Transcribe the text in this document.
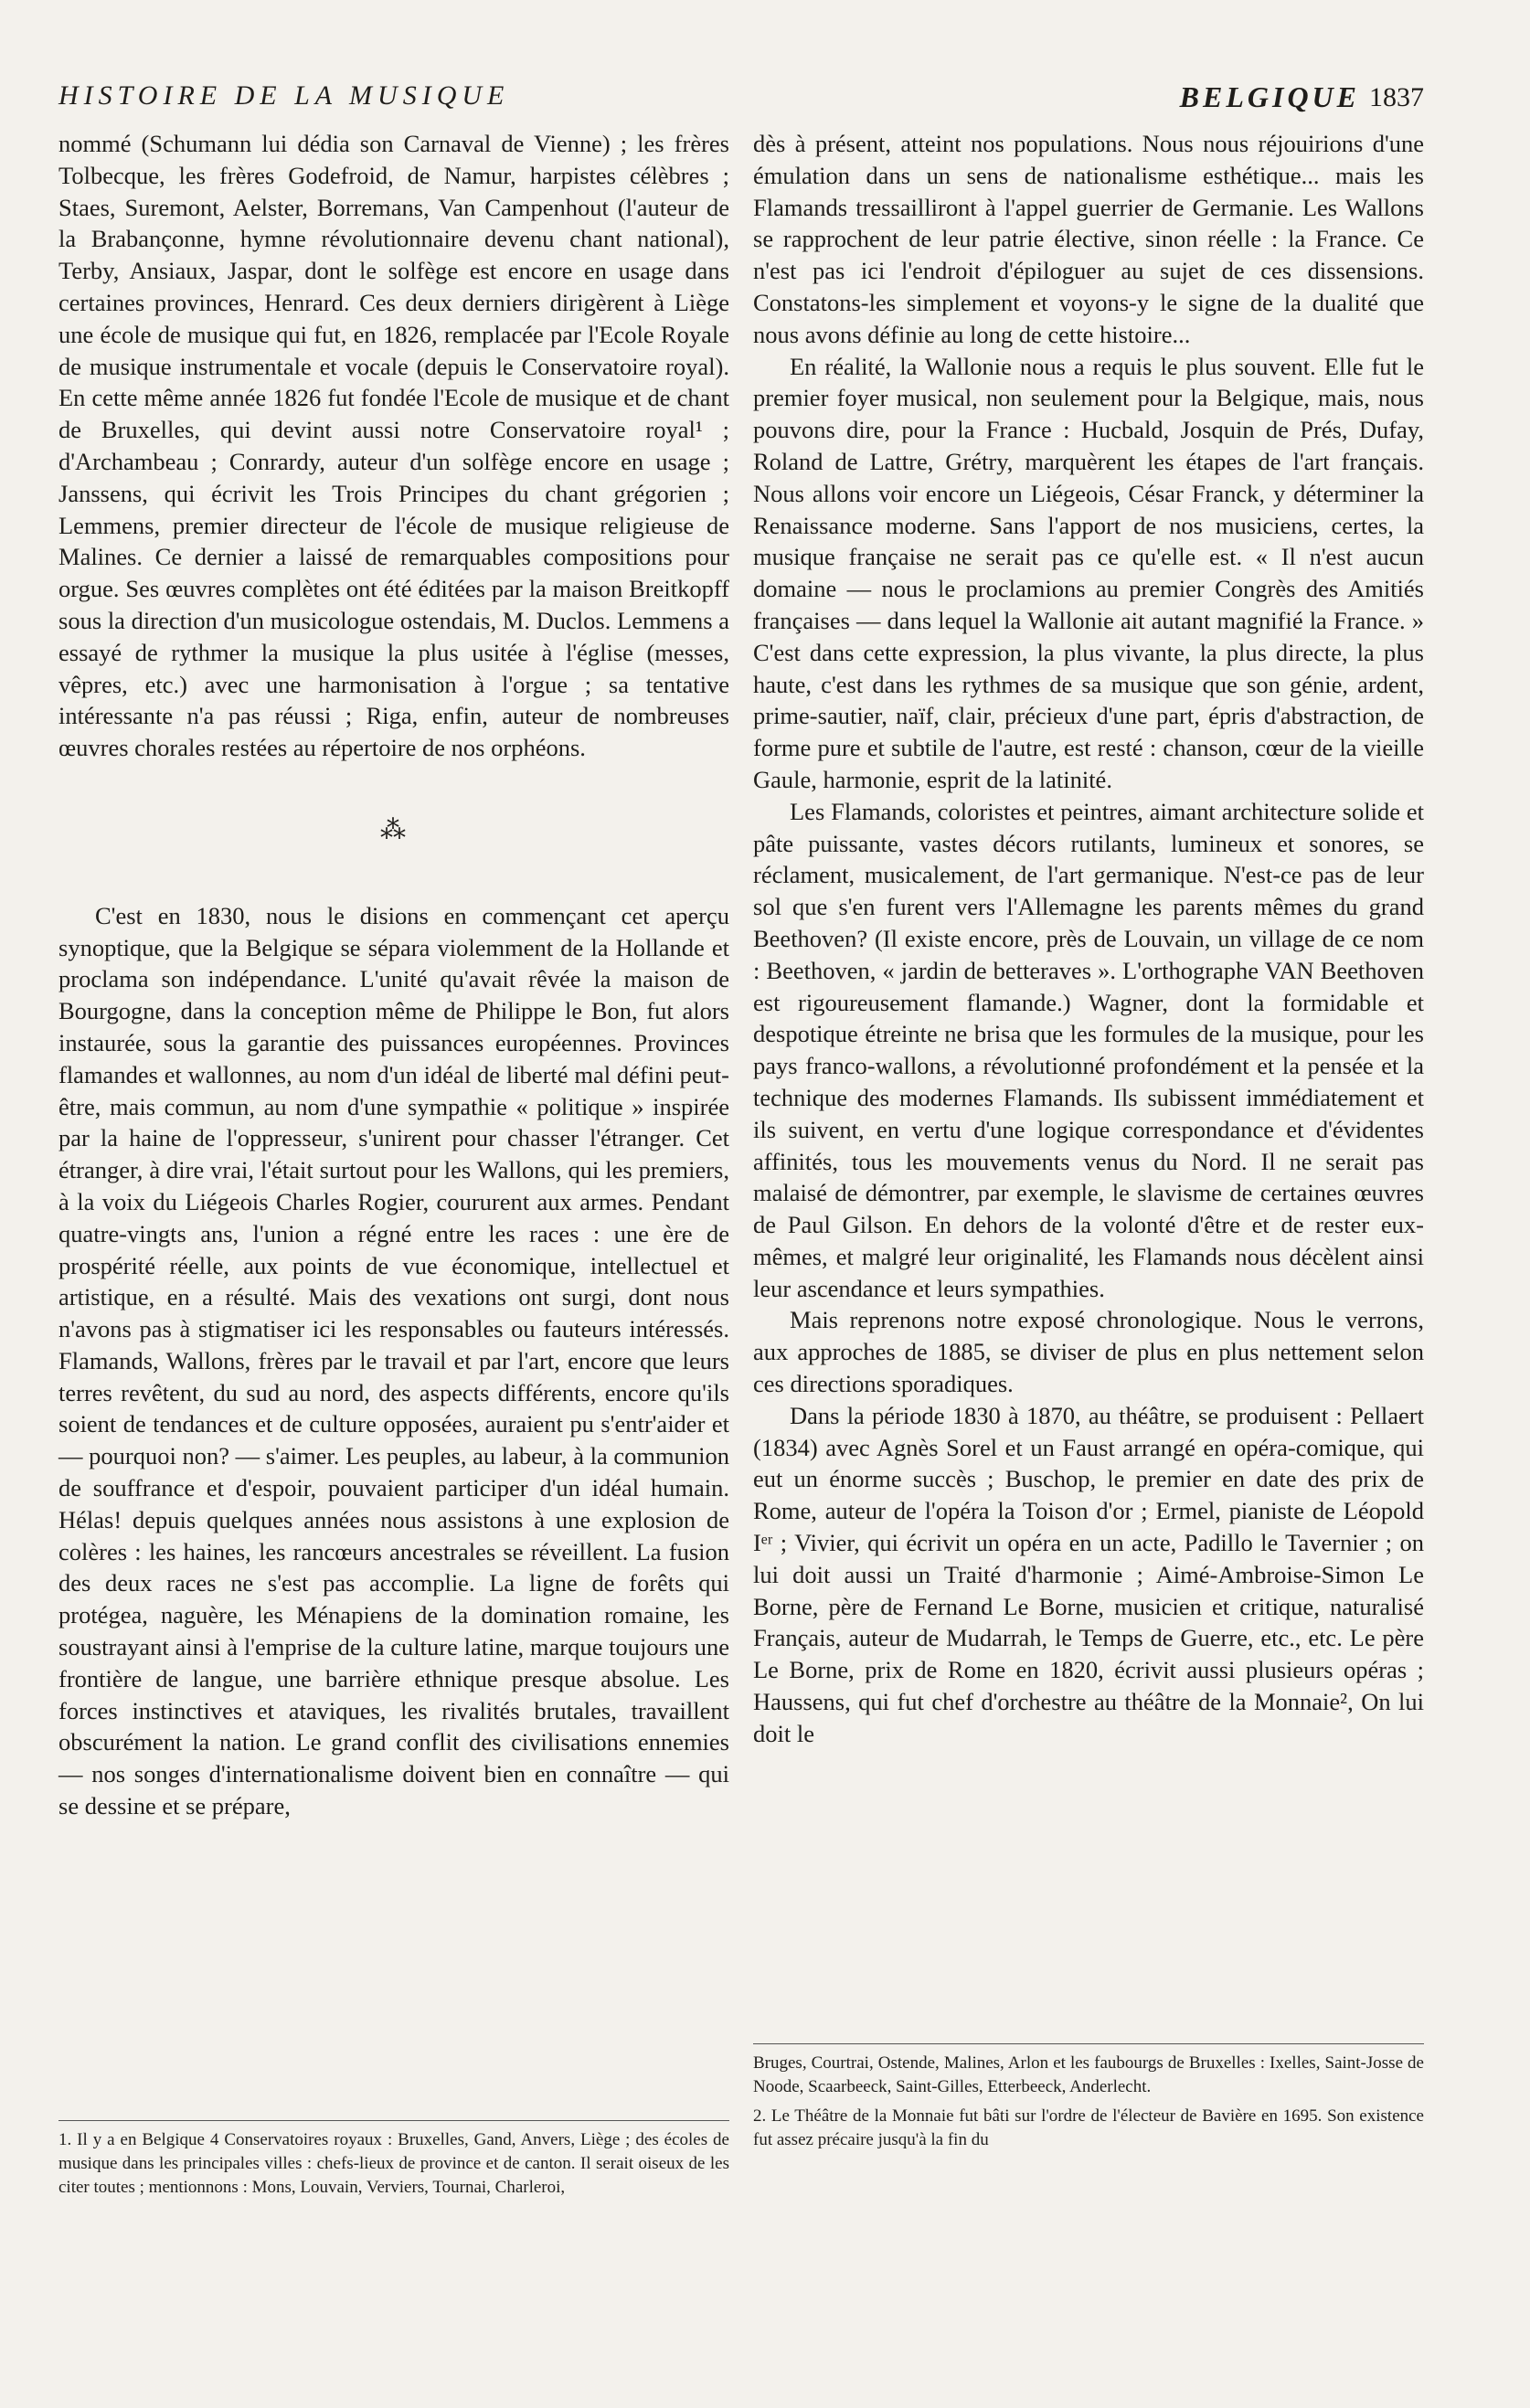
HISTOIRE DE LA MUSIQUE	BELGIQUE 1837

nommé (Schumann lui dédia son Carnaval de Vienne) ; les frères Tolbecque, les frères Godefroid, de Namur, harpistes célèbres ; Staes, Suremont, Aelster, Borremans, Van Campenhout (l'auteur de la Brabançonne, hymne révolutionnaire devenu chant national), Terby, Ansiaux, Jaspar, dont le solfège est encore en usage dans certaines provinces, Henrard. Ces deux derniers dirigèrent à Liège une école de musique qui fut, en 1826, remplacée par l'Ecole Royale de musique instrumentale et vocale (depuis le Conservatoire royal). En cette même année 1826 fut fondée l'Ecole de musique et de chant de Bruxelles, qui devint aussi notre Conservatoire royal¹ ; d'Archambeau ; Conrardy, auteur d'un solfège encore en usage ; Janssens, qui écrivit les Trois Principes du chant grégorien ; Lemmens, premier directeur de l'école de musique religieuse de Malines. Ce dernier a laissé de remarquables compositions pour orgue. Ses œuvres complètes ont été éditées par la maison Breitkopff sous la direction d'un musicologue ostendais, M. Duclos. Lemmens a essayé de rythmer la musique la plus usitée à l'église (messes, vêpres, etc.) avec une harmonisation à l'orgue ; sa tentative intéressante n'a pas réussi ; Riga, enfin, auteur de nombreuses œuvres chorales restées au répertoire de nos orphéons.

⁂

C'est en 1830, nous le disions en commençant cet aperçu synoptique, que la Belgique se sépara violemment de la Hollande et proclama son indépendance. L'unité qu'avait rêvée la maison de Bourgogne, dans la conception même de Philippe le Bon, fut alors instaurée, sous la garantie des puissances européennes. Provinces flamandes et wallonnes, au nom d'un idéal de liberté mal défini peut-être, mais commun, au nom d'une sympathie « politique » inspirée par la haine de l'oppresseur, s'unirent pour chasser l'étranger. Cet étranger, à dire vrai, l'était surtout pour les Wallons, qui les premiers, à la voix du Liégeois Charles Rogier, coururent aux armes. Pendant quatre-vingts ans, l'union a régné entre les races : une ère de prospérité réelle, aux points de vue économique, intellectuel et artistique, en a résulté. Mais des vexations ont surgi, dont nous n'avons pas à stigmatiser ici les responsables ou fauteurs intéressés. Flamands, Wallons, frères par le travail et par l'art, encore que leurs terres revêtent, du sud au nord, des aspects différents, encore qu'ils soient de tendances et de culture opposées, auraient pu s'entr'aider et — pourquoi non? — s'aimer. Les peuples, au labeur, à la communion de souffrance et d'espoir, pouvaient participer d'un idéal humain. Hélas! depuis quelques années nous assistons à une explosion de colères : les haines, les rancœurs ancestrales se réveillent. La fusion des deux races ne s'est pas accomplie. La ligne de forêts qui protégea, naguère, les Ménapiens de la domination romaine, les soustrayant ainsi à l'emprise de la culture latine, marque toujours une frontière de langue, une barrière ethnique presque absolue. Les forces instinctives et ataviques, les rivalités brutales, travaillent obscurément la nation. Le grand conflit des civilisations ennemies — nos songes d'internationalisme doivent bien en connaître — qui se dessine et se prépare,

1. Il y a en Belgique 4 Conservatoires royaux : Bruxelles, Gand, Anvers, Liège ; des écoles de musique dans les principales villes : chefs-lieux de province et de canton. Il serait oiseux de les citer toutes ; mentionnons : Mons, Louvain, Verviers, Tournai, Charleroi,

dès à présent, atteint nos populations. Nous nous réjouirions d'une émulation dans un sens de nationalisme esthétique... mais les Flamands tressailliront à l'appel guerrier de Germanie. Les Wallons se rapprochent de leur patrie élective, sinon réelle : la France. Ce n'est pas ici l'endroit d'épiloguer au sujet de ces dissensions. Constatons-les simplement et voyons-y le signe de la dualité que nous avons définie au long de cette histoire...

En réalité, la Wallonie nous a requis le plus souvent. Elle fut le premier foyer musical, non seulement pour la Belgique, mais, nous pouvons dire, pour la France : Hucbald, Josquin de Prés, Dufay, Roland de Lattre, Grétry, marquèrent les étapes de l'art français. Nous allons voir encore un Liégeois, César Franck, y déterminer la Renaissance moderne. Sans l'apport de nos musiciens, certes, la musique française ne serait pas ce qu'elle est. « Il n'est aucun domaine — nous le proclamions au premier Congrès des Amitiés françaises — dans lequel la Wallonie ait autant magnifié la France. » C'est dans cette expression, la plus vivante, la plus directe, la plus haute, c'est dans les rythmes de sa musique que son génie, ardent, prime-sautier, naïf, clair, précieux d'une part, épris d'abstraction, de forme pure et subtile de l'autre, est resté : chanson, cœur de la vieille Gaule, harmonie, esprit de la latinité.

Les Flamands, coloristes et peintres, aimant architecture solide et pâte puissante, vastes décors rutilants, lumineux et sonores, se réclament, musicalement, de l'art germanique. N'est-ce pas de leur sol que s'en furent vers l'Allemagne les parents mêmes du grand Beethoven? (Il existe encore, près de Louvain, un village de ce nom : Beethoven, « jardin de betteraves ». L'orthographe VAN Beethoven est rigoureusement flamande.) Wagner, dont la formidable et despotique étreinte ne brisa que les formules de la musique, pour les pays franco-wallons, a révolutionné profondément et la pensée et la technique des modernes Flamands. Ils subissent immédiatement et ils suivent, en vertu d'une logique correspondance et d'évidentes affinités, tous les mouvements venus du Nord. Il ne serait pas malaisé de démontrer, par exemple, le slavisme de certaines œuvres de Paul Gilson. En dehors de la volonté d'être et de rester eux-mêmes, et malgré leur originalité, les Flamands nous décèlent ainsi leur ascendance et leurs sympathies.

Mais reprenons notre exposé chronologique. Nous le verrons, aux approches de 1885, se diviser de plus en plus nettement selon ces directions sporadiques.

Dans la période 1830 à 1870, au théâtre, se produisent : Pellaert (1834) avec Agnès Sorel et un Faust arrangé en opéra-comique, qui eut un énorme succès ; Buschop, le premier en date des prix de Rome, auteur de l'opéra la Toison d'or ; Ermel, pianiste de Léopold Iᵉʳ ; Vivier, qui écrivit un opéra en un acte, Padillo le Tavernier ; on lui doit aussi un Traité d'harmonie ; Aimé-Ambroise-Simon Le Borne, père de Fernand Le Borne, musicien et critique, naturalisé Français, auteur de Mudarrah, le Temps de Guerre, etc., etc. Le père Le Borne, prix de Rome en 1820, écrivit aussi plusieurs opéras ; Haussens, qui fut chef d'orchestre au théâtre de la Monnaie², On lui doit le

Bruges, Courtrai, Ostende, Malines, Arlon et les faubourgs de Bruxelles : Ixelles, Saint-Josse de Noode, Scaarbeeck, Saint-Gilles, Etterbeeck, Anderlecht.

2. Le Théâtre de la Monnaie fut bâti sur l'ordre de l'électeur de Bavière en 1695. Son existence fut assez précaire jusqu'à la fin du
